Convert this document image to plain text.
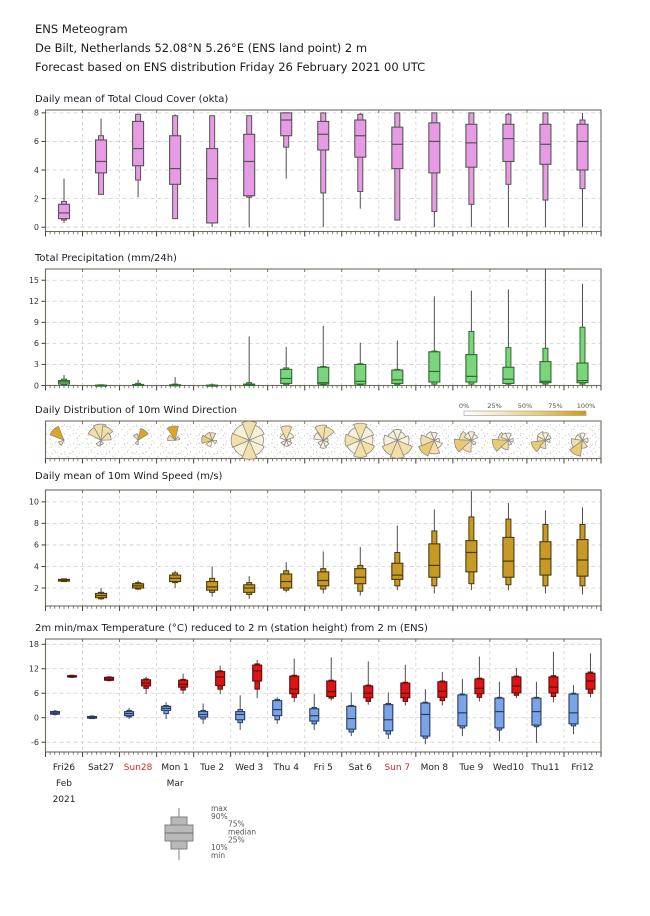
0
2
4
6
8
0
3
6
9
12
15
0%	25% 50% 75% 100%
2
4
6
8
10
-6
0
6
12
18
Fri26 Sat27 Sun28 Mon 1 Tue 2 Wed 3 Thu 4 Fri 5 Sat 6 Sun 7 Mon 8 Tue 9 Wed10 Thu11 Fri12
Feb	Mar
2021
max
90%
75%
median
25%
10%
min
ENS Meteogram
De Bilt, Netherlands 52.08°N 5.26°E (ENS land point) 2 m
Forecast based on ENS distribution Friday 26 February 2021 00 UTC
Daily mean of Total Cloud Cover (okta)
Total Precipitation (mm/24h)
Daily Distribution of 10m Wind Direction
Daily mean of 10m Wind Speed (m/s)
2m min/max Temperature (°C) reduced to 2 m (station height) from 2 m (ENS)
